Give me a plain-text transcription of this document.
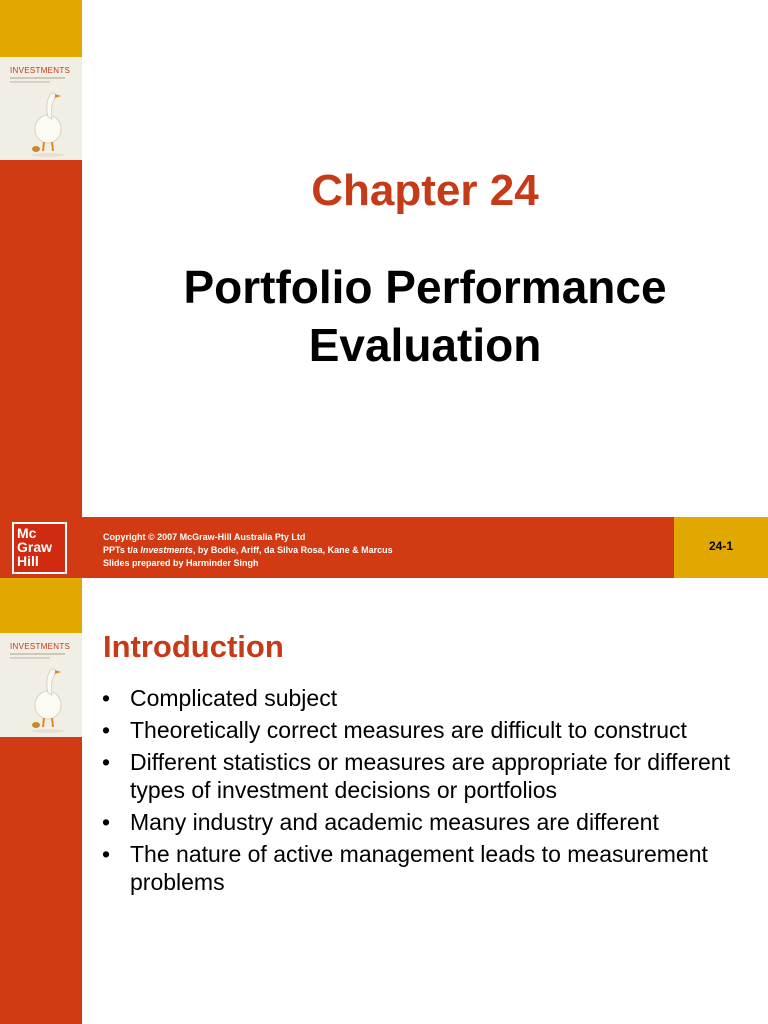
INVESTMENTS
Chapter 24
Portfolio Performance
Evaluation
Mc
Graw
Hill
Copyright © 2007 McGraw-Hill Australia Pty Ltd
PPTs t/a Investments, by Bodie, Ariff, da Silva Rosa, Kane & Marcus
Slides prepared by Harminder Singh
24-1
INVESTMENTS Introduction
• Complicated subject
• Theoretically correct measures are difficult to construct
• Different statistics or measures are appropriate for different types of investment decisions or portfolios
• Many industry and academic measures are different
• The nature of active management leads to measurement problems
